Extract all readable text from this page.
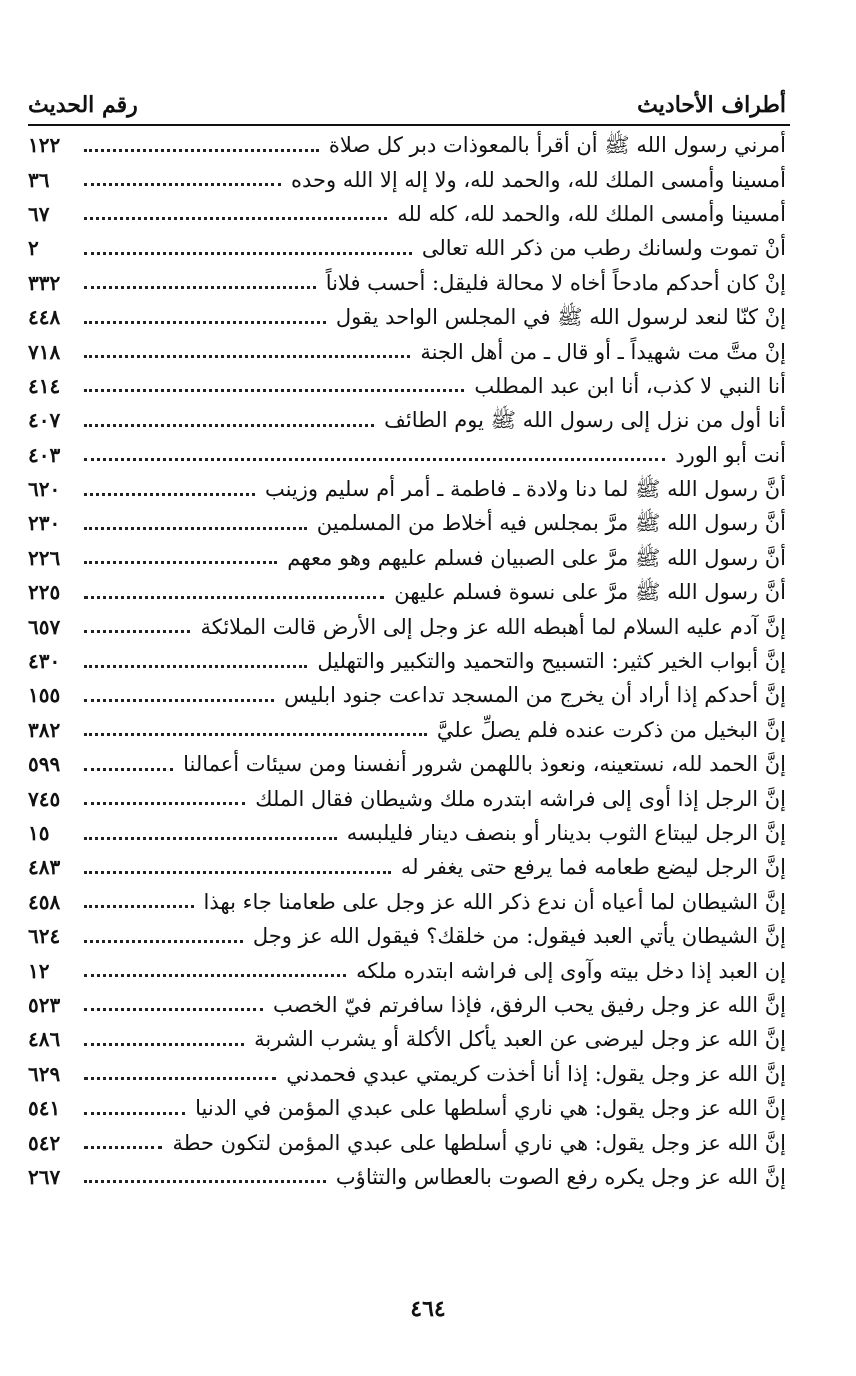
أطراف الأحاديث
رقم الحديث
أمرني رسول الله ﷺ أن أقرأ بالمعوذات دبر كل صلاة
١٢٢
أمسينا وأمسى الملك لله، والحمد لله، ولا إله إلا الله وحده
٣٦
أمسينا وأمسى الملك لله، والحمد لله، كله لله
٦٧
أنْ تموت ولسانك رطب من ذكر الله تعالى
٢
إنْ كان أحدكم مادحاً أخاه لا محالة فليقل: أحسب فلاناً
٣٣٢
إنْ كنّا لنعد لرسول الله ﷺ في المجلس الواحد يقول
٤٤٨
إنْ متَّ مت شهيداً ـ أو قال ـ من أهل الجنة
٧١٨
أنا النبي لا كذب، أنا ابن عبد المطلب
٤١٤
أنا أول من نزل إلى رسول الله ﷺ يوم الطائف
٤٠٧
أنت أبو الورد
٤٠٣
أنَّ رسول الله ﷺ لما دنا ولادة ـ فاطمة ـ أمر أم سليم وزينب
٦٢٠
أنَّ رسول الله ﷺ مرَّ بمجلس فيه أخلاط من المسلمين
٢٣٠
أنَّ رسول الله ﷺ مرَّ على الصبيان فسلم عليهم وهو معهم
٢٢٦
أنَّ رسول الله ﷺ مرَّ على نسوة فسلم عليهن
٢٢٥
إنَّ آدم عليه السلام لما أهبطه الله عز وجل إلى الأرض قالت الملائكة
٦٥٧
إنَّ أبواب الخير كثير: التسبيح والتحميد والتكبير والتهليل
٤٣٠
إنَّ أحدكم إذا أراد أن يخرج من المسجد تداعت جنود ابليس
١٥٥
إنَّ البخيل من ذكرت عنده فلم يصلِّ عليَّ
٣٨٢
إنَّ الحمد لله، نستعينه، ونعوذ باللهمن شرور أنفسنا ومن سيئات أعمالنا
٥٩٩
إنَّ الرجل إذا أوى إلى فراشه ابتدره ملك وشيطان فقال الملك
٧٤٥
إنَّ الرجل ليبتاع الثوب بدينار أو بنصف دينار فليلبسه
١٥
إنَّ الرجل ليضع طعامه فما يرفع حتى يغفر له
٤٨٣
إنَّ الشيطان لما أعياه أن ندع ذكر الله عز وجل على طعامنا جاء بهذا
٤٥٨
إنَّ الشيطان يأتي العبد فيقول: من خلقك؟ فيقول الله عز وجل
٦٢٤
إن العبد إذا دخل بيته وآوى إلى فراشه ابتدره ملكه
١٢
إنَّ الله عز وجل رفيق يحب الرفق، فإذا سافرتم فيّ الخصب
٥٢٣
إنَّ الله عز وجل ليرضى عن العبد يأكل الأكلة أو يشرب الشربة
٤٨٦
إنَّ الله عز وجل يقول: إذا أنا أخذت كريمتي عبدي فحمدني
٦٢٩
إنَّ الله عز وجل يقول: هي ناري أسلطها على عبدي المؤمن في الدنيا
٥٤١
إنَّ الله عز وجل يقول: هي ناري أسلطها على عبدي المؤمن لتكون حطة
٥٤٢
إنَّ الله عز وجل يكره رفع الصوت بالعطاس والتثاؤب
٢٦٧
٤٦٤
